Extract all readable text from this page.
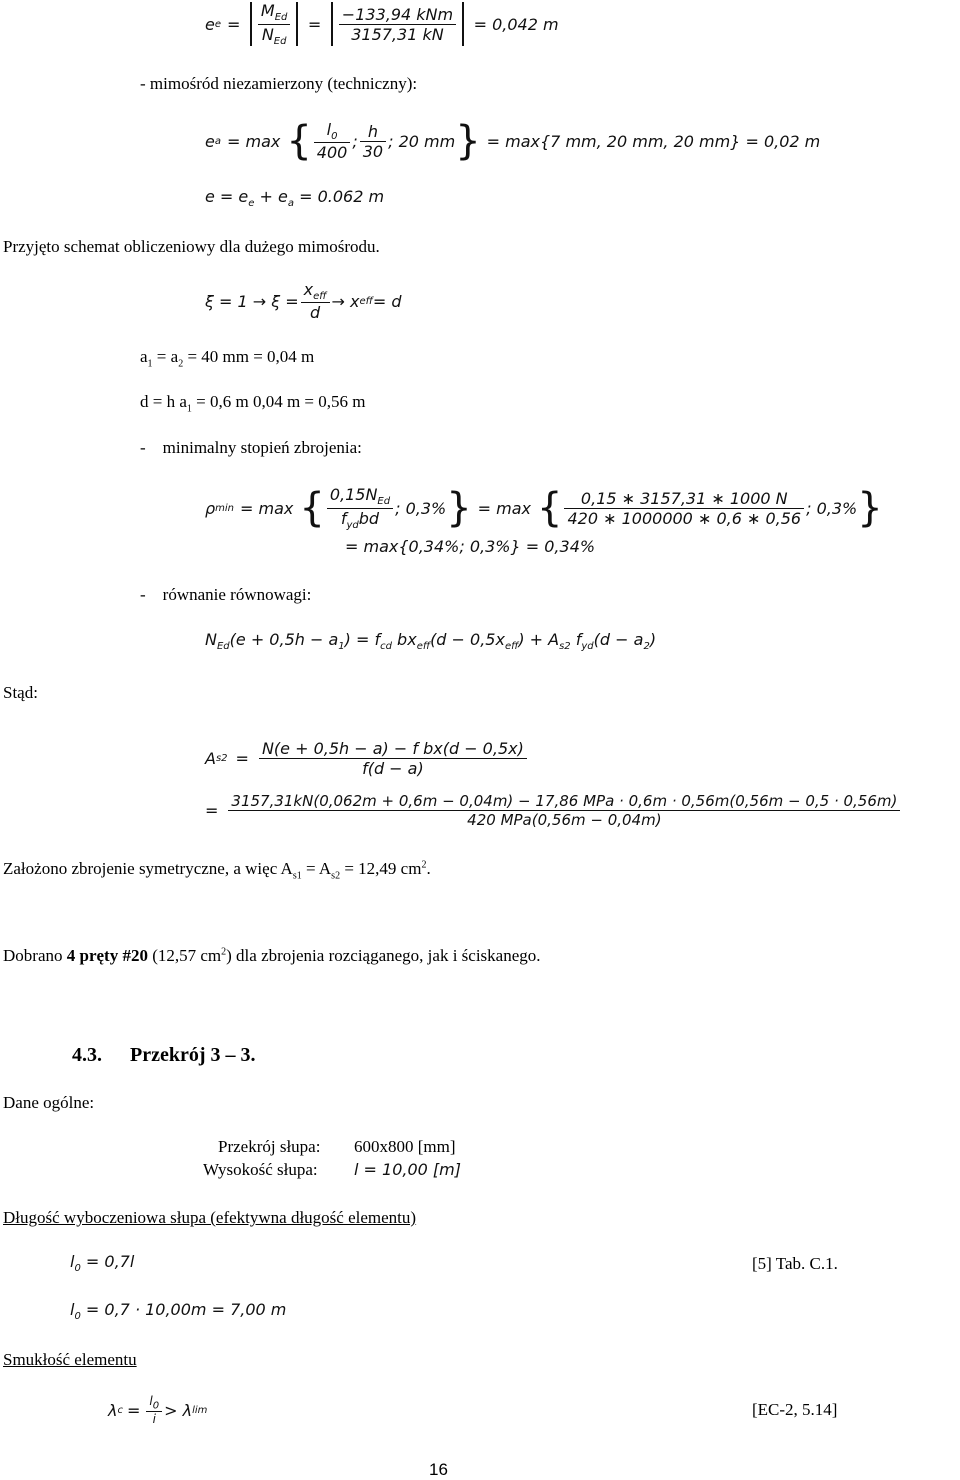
e $e = \frac{M_{Ed}}{N_{Ed}} = \frac{\text{−133,94 kNm}}{3157,31 kN} = 0,042$ m
- mimośród niezamierzony (techniczny):
e a = max { $\frac{l_0}{400}$ ; $\frac{h}{30}$ ; 20 mm } = max{7 mm, 20 mm, 20 mm} = 0,02 m
$e = e_e + e_a = 0.062$ m
Przyjęto schemat obliczeniowy dla dużego mimośrodu.
$\xi = 1 \to \xi = \frac{x_{eff}}{d} \to x$ eff = d
$a_1 = a_2 = 40$ mm = 0,04 m
d = h $a_1 = 0,6$ m 0,04 m = 0,56 m
-    minimalny stopień zbrojenia:
ρ min = max { $\frac{0,15N_{Ed}}{f_{yd}bd}$ ; 0,3% } = max { $\frac{0,15 ∗ 3157,31 ∗ 1000 N}{420 ∗ 1000000 ∗ 0,6 ∗ 0,56}$ ; 0,3% }
= max{0,34%; 0,3%} = 0,34%
-    równanie równowagi:
$N_{Ed}(e + 0,5h - a_1) = f_{cd}$ $bx_{eff}(d - 0,5x_{eff}) + A_{s2}$ $f_{yd}(d - a_2)$
Stąd:
A $s2 = \frac{\text{N(e + 0,5h − a) − f bx(d − 0,5x)}}{f(d - a)}$
= 3157,31kN(0,062m + 0,6m − 0,04m) − 17,86 MPa · 0,6m · 0,56m(0,56m − 0,5 · 0,56m)
420 MPa(0,56m − 0,04m)
Założono zbrojenie symetryczne, a więc $A_{s1} = A_{s2} = 12,49$ $cm^2$.
Dobrano 4 pręty #20 (12,57 $cm^2$) dla zbrojenia rozciąganego, jak i ściskanego.
4.3. Przekrój 3 – 3.
Dane ogólne:
Przekrój słupa: 600x800 [mm]
Wysokość słupa: l = 10,00 [m]
Długość wyboczeniowa słupa (efektywna długość elementu)
$l_0 = 0,7l$	[5] Tab. C.1.
$l_0 = 0,7 \cdot 10,00m = 7,00$ m
Smukłość elementu
λ $c = \frac{l_0}{i} > \lambda$ lim	[EC-2, 5.14]
16
